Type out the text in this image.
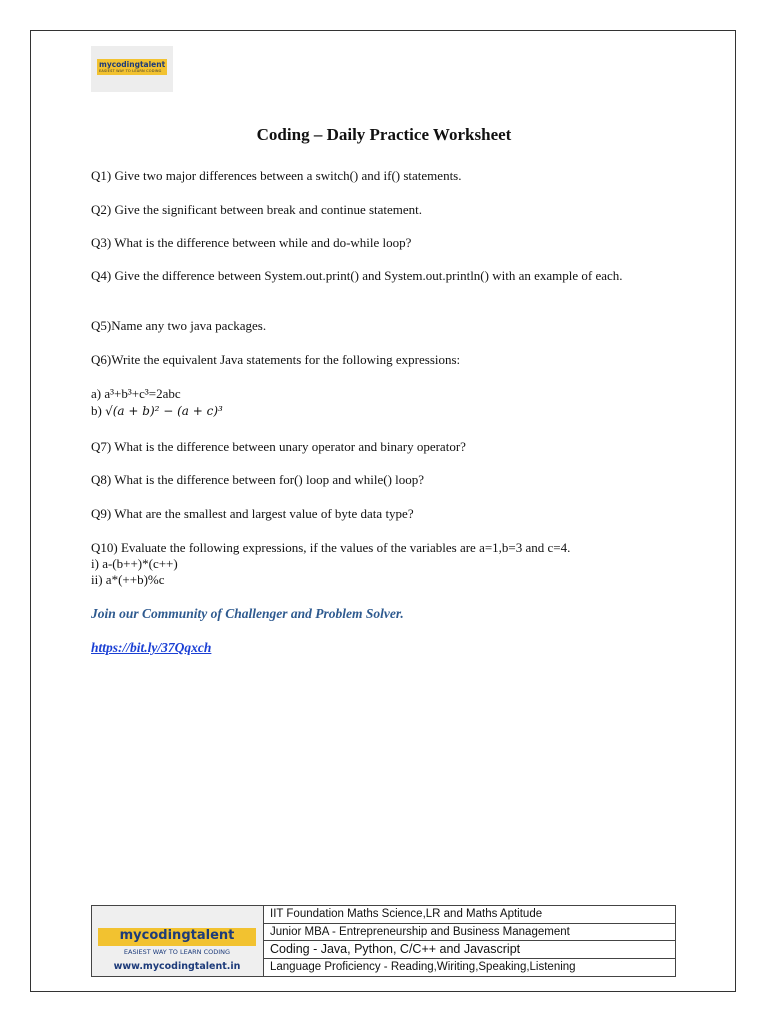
mycodingtalent
EASIEST WAY TO LEARN CODING
Coding – Daily Practice Worksheet
Q1) Give two major differences between a switch() and if() statements.
Q2) Give the significant between break and continue statement.
Q3) What is the difference between while and do-while loop?
Q4) Give the difference between System.out.print() and System.out.println() with an example of each.
Q5)Name any two java packages.
Q6)Write the equivalent Java statements for the following expressions:
a) a³+b³+c³=2abc
b) √(a + b)² − (a + c)³
Q7) What is the difference between unary operator and binary operator?
Q8) What is the difference between for() loop and while() loop?
Q9) What are the smallest and largest value of byte data type?
Q10) Evaluate the following expressions, if the values of the variables are a=1,b=3 and c=4.
i) a-(b++)*(c++)
ii) a*(++b)%c
Join our Community of Challenger and Problem Solver.
https://bit.ly/37Qqxch
mycodingtalent
EASIEST WAY TO LEARN CODING
www.mycodingtalent.in
IIT Foundation Maths Science,LR and Maths Aptitude
Junior MBA - Entrepreneurship and Business Management
Coding - Java, Python, C/C++ and Javascript
Language Proficiency - Reading,Wiriting,Speaking,Listening
